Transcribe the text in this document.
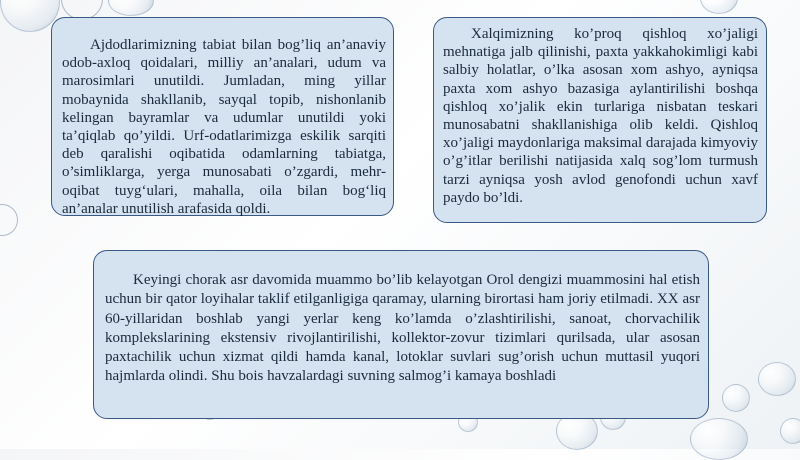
Ajdodlarimizning tabiat bilan bog’liq an’anaviy odob-axloq qoidalari, milliy an’analari, udum va marosimlari unutildi. Jumladan, ming yillar mobaynida shakllanib, sayqal topib, nishonlanib kelingan bayramlar va udumlar unutildi yoki ta’qiqlab qo’yildi. Urf-odatlarimizga eskilik sarqiti deb qaralishi oqibatida odamlarning tabiatga, o’simliklarga, yerga munosabati o’zgardi, mehr-oqibat tuyg‘ulari, mahalla, oila bilan bog‘liq an’analar unutilish arafasida qoldi.

Xalqimizning ko’proq qishloq xo’jaligi mehnatiga jalb qilinishi, paxta yakkahokimligi kabi salbiy holatlar, o’lka asosan xom ashyo, ayniqsa paxta xom ashyo bazasiga aylantirilishi boshqa qishloq xo’jalik ekin turlariga nisbatan teskari munosabatni shakllanishiga olib keldi. Qishloq xo’jaligi maydonlariga maksimal darajada kimyoviy o’g’itlar berilishi natijasida xalq sog’lom turmush tarzi ayniqsa yosh avlod genofondi uchun xavf paydo bo’ldi.

Keyingi chorak asr davomida muammo bo’lib kelayotgan Orol dengizi muammosini hal etish uchun bir qator loyihalar taklif etilganligiga qaramay, ularning birortasi ham joriy etilmadi. XX asr 60-yillaridan boshlab yangi yerlar keng ko’lamda o’zlashtirilishi, sanoat, chorvachilik komplekslarining ekstensiv rivojlantirilishi, kollektor-zovur tizimlari qurilsada, ular asosan paxtachilik uchun xizmat qildi hamda kanal, lotoklar suvlari sug’orish uchun muttasil yuqori hajmlarda olindi. Shu bois havzalardagi suvning salmog’i kamaya boshladi
